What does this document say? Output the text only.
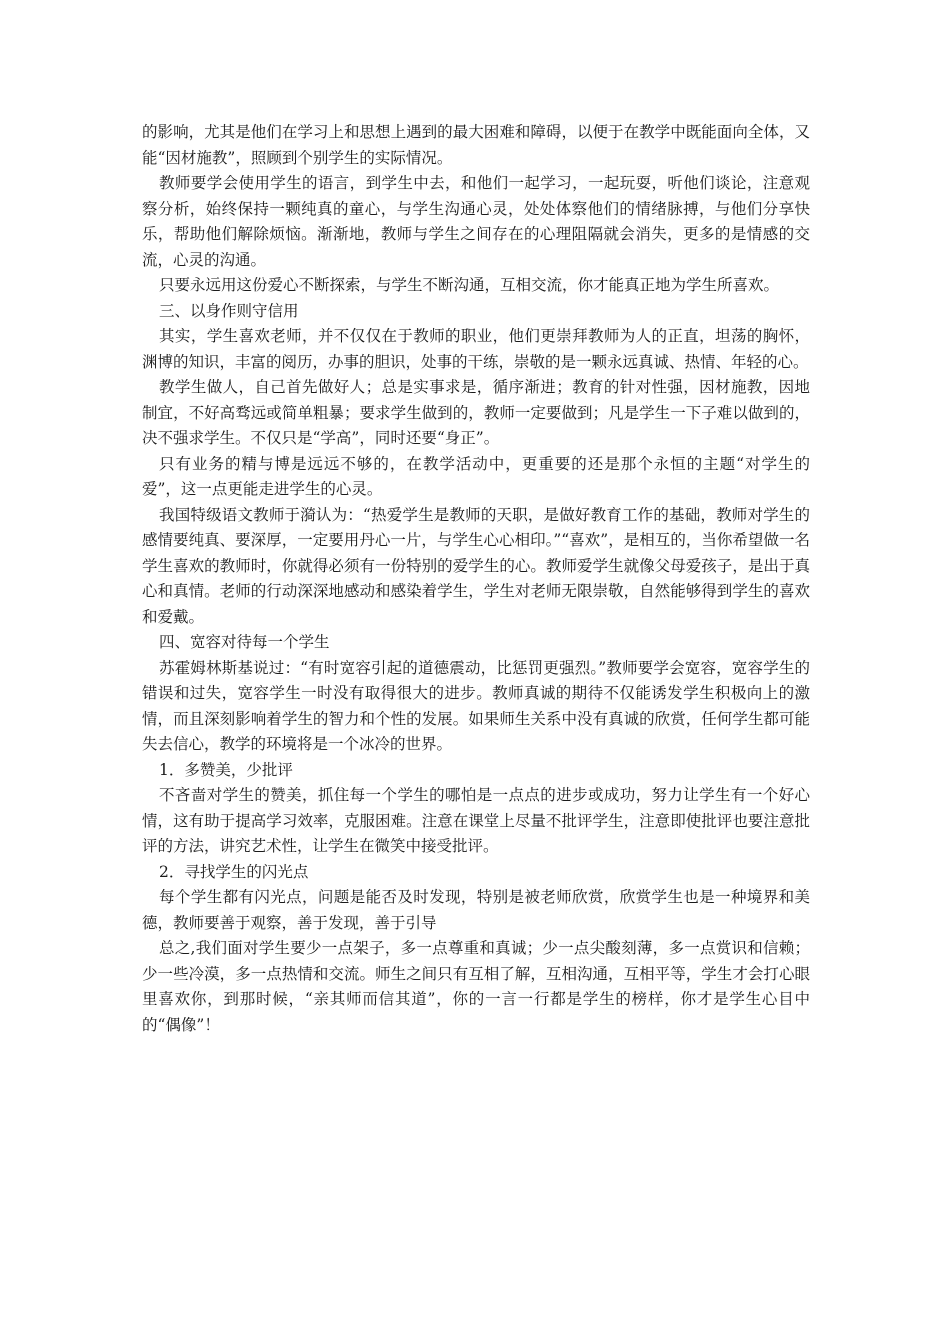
的影响，尤其是他们在学习上和思想上遇到的最大困难和障碍，以便于在教学中既能面向全体，又能“因材施教”，照顾到个别学生的实际情况。

教师要学会使用学生的语言，到学生中去，和他们一起学习，一起玩耍，听他们谈论，注意观察分析，始终保持一颗纯真的童心，与学生沟通心灵，处处体察他们的情绪脉搏，与他们分享快乐，帮助他们解除烦恼。渐渐地，教师与学生之间存在的心理阻隔就会消失，更多的是情感的交流，心灵的沟通。

只要永远用这份爱心不断探索，与学生不断沟通，互相交流，你才能真正地为学生所喜欢。

三、以身作则守信用

其实，学生喜欢老师，并不仅仅在于教师的职业，他们更崇拜教师为人的正直，坦荡的胸怀，渊博的知识，丰富的阅历，办事的胆识，处事的干练，崇敬的是一颗永远真诚、热情、年轻的心。

教学生做人，自己首先做好人；总是实事求是，循序渐进；教育的针对性强，因材施教，因地制宜，不好高骛远或简单粗暴；要求学生做到的，教师一定要做到；凡是学生一下子难以做到的，决不强求学生。不仅只是“学高”，同时还要“身正”。

只有业务的精与博是远远不够的，在教学活动中，更重要的还是那个永恒的主题“对学生的爱”，这一点更能走进学生的心灵。

我国特级语文教师于漪认为：“热爱学生是教师的天职，是做好教育工作的基础，教师对学生的感情要纯真、要深厚，一定要用丹心一片，与学生心心相印。”“喜欢”，是相互的，当你希望做一名学生喜欢的教师时，你就得必须有一份特别的爱学生的心。教师爱学生就像父母爱孩子，是出于真心和真情。老师的行动深深地感动和感染着学生，学生对老师无限崇敬，自然能够得到学生的喜欢和爱戴。

四、宽容对待每一个学生

苏霍姆林斯基说过：“有时宽容引起的道德震动，比惩罚更强烈。”教师要学会宽容，宽容学生的错误和过失，宽容学生一时没有取得很大的进步。教师真诚的期待不仅能诱发学生积极向上的激情，而且深刻影响着学生的智力和个性的发展。如果师生关系中没有真诚的欣赏，任何学生都可能失去信心，教学的环境将是一个冰冷的世界。

1．多赞美，少批评

不吝啬对学生的赞美，抓住每一个学生的哪怕是一点点的进步或成功，努力让学生有一个好心情，这有助于提高学习效率，克服困难。注意在课堂上尽量不批评学生，注意即使批评也要注意批评的方法，讲究艺术性，让学生在微笑中接受批评。

2．寻找学生的闪光点

每个学生都有闪光点，问题是能否及时发现，特别是被老师欣赏，欣赏学生也是一种境界和美德，教师要善于观察，善于发现，善于引导

总之,我们面对学生要少一点架子，多一点尊重和真诚；少一点尖酸刻薄，多一点赏识和信赖；少一些冷漠，多一点热情和交流。师生之间只有互相了解，互相沟通，互相平等，学生才会打心眼里喜欢你，到那时候，“亲其师而信其道”，你的一言一行都是学生的榜样，你才是学生心目中的“偶像”！
